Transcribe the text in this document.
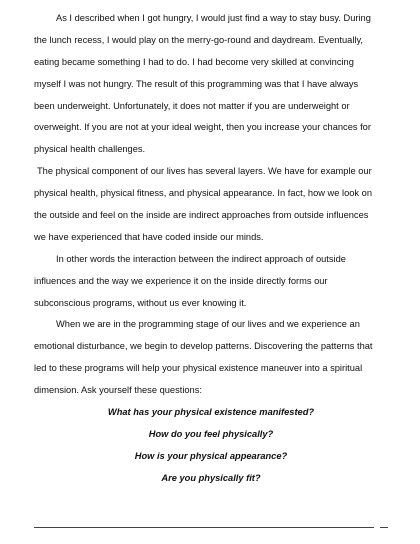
As I described when I got hungry, I would just find a way to stay busy. During
the lunch recess, I would play on the merry-go-round and daydream. Eventually,
eating became something I had to do. I had become very skilled at convincing
myself I was not hungry. The result of this programming was that I have always
been underweight. Unfortunately, it does not matter if you are underweight or
overweight. If you are not at your ideal weight, then you increase your chances for
physical health challenges.
The physical component of our lives has several layers. We have for example our
physical health, physical fitness, and physical appearance. In fact, how we look on
the outside and feel on the inside are indirect approaches from outside influences
we have experienced that have coded inside our minds.
In other words the interaction between the indirect approach of outside
influences and the way we experience it on the inside directly forms our
subconscious programs, without us ever knowing it.
When we are in the programming stage of our lives and we experience an
emotional disturbance, we begin to develop patterns. Discovering the patterns that
led to these programs will help your physical existence maneuver into a spiritual
dimension. Ask yourself these questions:
What has your physical existence manifested?
How do you feel physically?
How is your physical appearance?
Are you physically fit?
